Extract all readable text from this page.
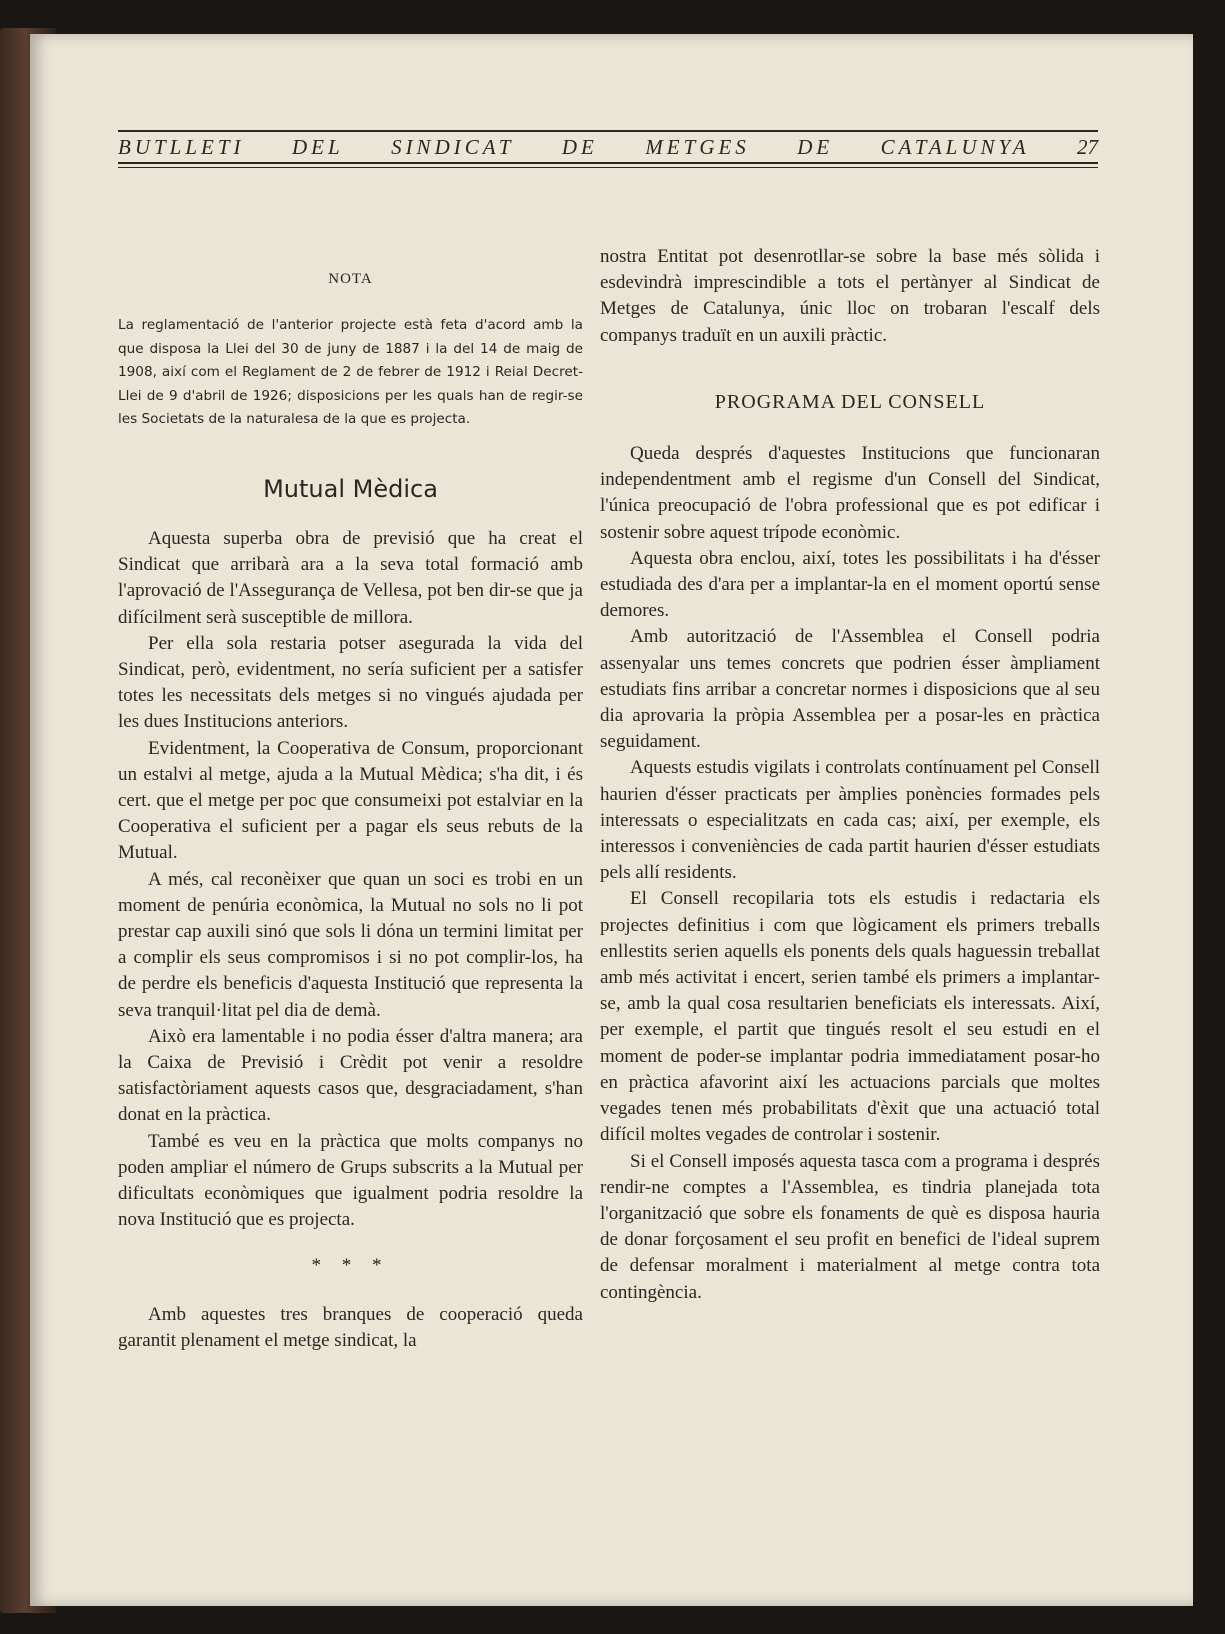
BUTLLETI DEL SINDICAT DE METGES DE CATALUNYA 27
NOTA

La reglamentació de l'anterior projecte està feta d'acord amb la que disposa la Llei del 30 de juny de 1887 i la del 14 de maig de 1908, així com el Reglament de 2 de febrer de 1912 i Reial Decret-Llei de 9 d'abril de 1926; disposicions per les quals han de regir-se les Societats de la naturalesa de la que es projecta.

Mutual Mèdica

Aquesta superba obra de previsió que ha creat el Sindicat que arribarà ara a la seva total formació amb l'aprovació de l'Assegurança de Vellesa, pot ben dir-se que ja difícilment serà susceptible de millora.

Per ella sola restaria potser asegurada la vida del Sindicat, però, evidentment, no sería suficient per a satisfer totes les necessitats dels metges si no vingués ajudada per les dues Institucions anteriors.

Evidentment, la Cooperativa de Consum, proporcionant un estalvi al metge, ajuda a la Mutual Mèdica; s'ha dit, i és cert. que el metge per poc que consumeixi pot estalviar en la Cooperativa el suficient per a pagar els seus rebuts de la Mutual.

A més, cal reconèixer que quan un soci es trobi en un moment de penúria econòmica, la Mutual no sols no li pot prestar cap auxili sinó que sols li dóna un termini limitat per a complir els seus compromisos i si no pot complir-los, ha de perdre els beneficis d'aquesta Institució que representa la seva tranquil·litat pel dia de demà.

Això era lamentable i no podia ésser d'altra manera; ara la Caixa de Previsió i Crèdit pot venir a resoldre satisfactòriament aquests casos que, desgraciadament, s'han donat en la pràctica.

També es veu en la pràctica que molts companys no poden ampliar el número de Grups subscrits a la Mutual per dificultats econòmiques que igualment podria resoldre la nova Institució que es projecta.

* * *

Amb aquestes tres branques de cooperació queda garantit plenament el metge sindicat, la

nostra Entitat pot desenrotllar-se sobre la base més sòlida i esdevindrà imprescindible a tots el pertànyer al Sindicat de Metges de Catalunya, únic lloc on trobaran l'escalf dels companys traduït en un auxili pràctic.

PROGRAMA DEL CONSELL

Queda després d'aquestes Institucions que funcionaran independentment amb el regisme d'un Consell del Sindicat, l'única preocupació de l'obra professional que es pot edificar i sostenir sobre aquest trípode econòmic.

Aquesta obra enclou, així, totes les possibilitats i ha d'ésser estudiada des d'ara per a implantar-la en el moment oportú sense demores.

Amb autorització de l'Assemblea el Consell podria assenyalar uns temes concrets que podrien ésser àmpliament estudiats fins arribar a concretar normes i disposicions que al seu dia aprovaria la pròpia Assemblea per a posar-les en pràctica seguidament.

Aquests estudis vigilats i controlats contínuament pel Consell haurien d'ésser practicats per àmplies ponències formades pels interessats o especialitzats en cada cas; així, per exemple, els interessos i conveniències de cada partit haurien d'ésser estudiats pels allí residents.

El Consell recopilaria tots els estudis i redactaria els projectes definitius i com que lògicament els primers treballs enllestits serien aquells els ponents dels quals haguessin treballat amb més activitat i encert, serien també els primers a implantar-se, amb la qual cosa resultarien beneficiats els interessats. Així, per exemple, el partit que tingués resolt el seu estudi en el moment de poder-se implantar podria immediatament posar-ho en pràctica afavorint així les actuacions parcials que moltes vegades tenen més probabilitats d'èxit que una actuació total difícil moltes vegades de controlar i sostenir.

Si el Consell imposés aquesta tasca com a programa i després rendir-ne comptes a l'Assemblea, es tindria planejada tota l'organització que sobre els fonaments de què es disposa hauria de donar forçosament el seu profit en benefici de l'ideal suprem de defensar moralment i materialment al metge contra tota contingència.
